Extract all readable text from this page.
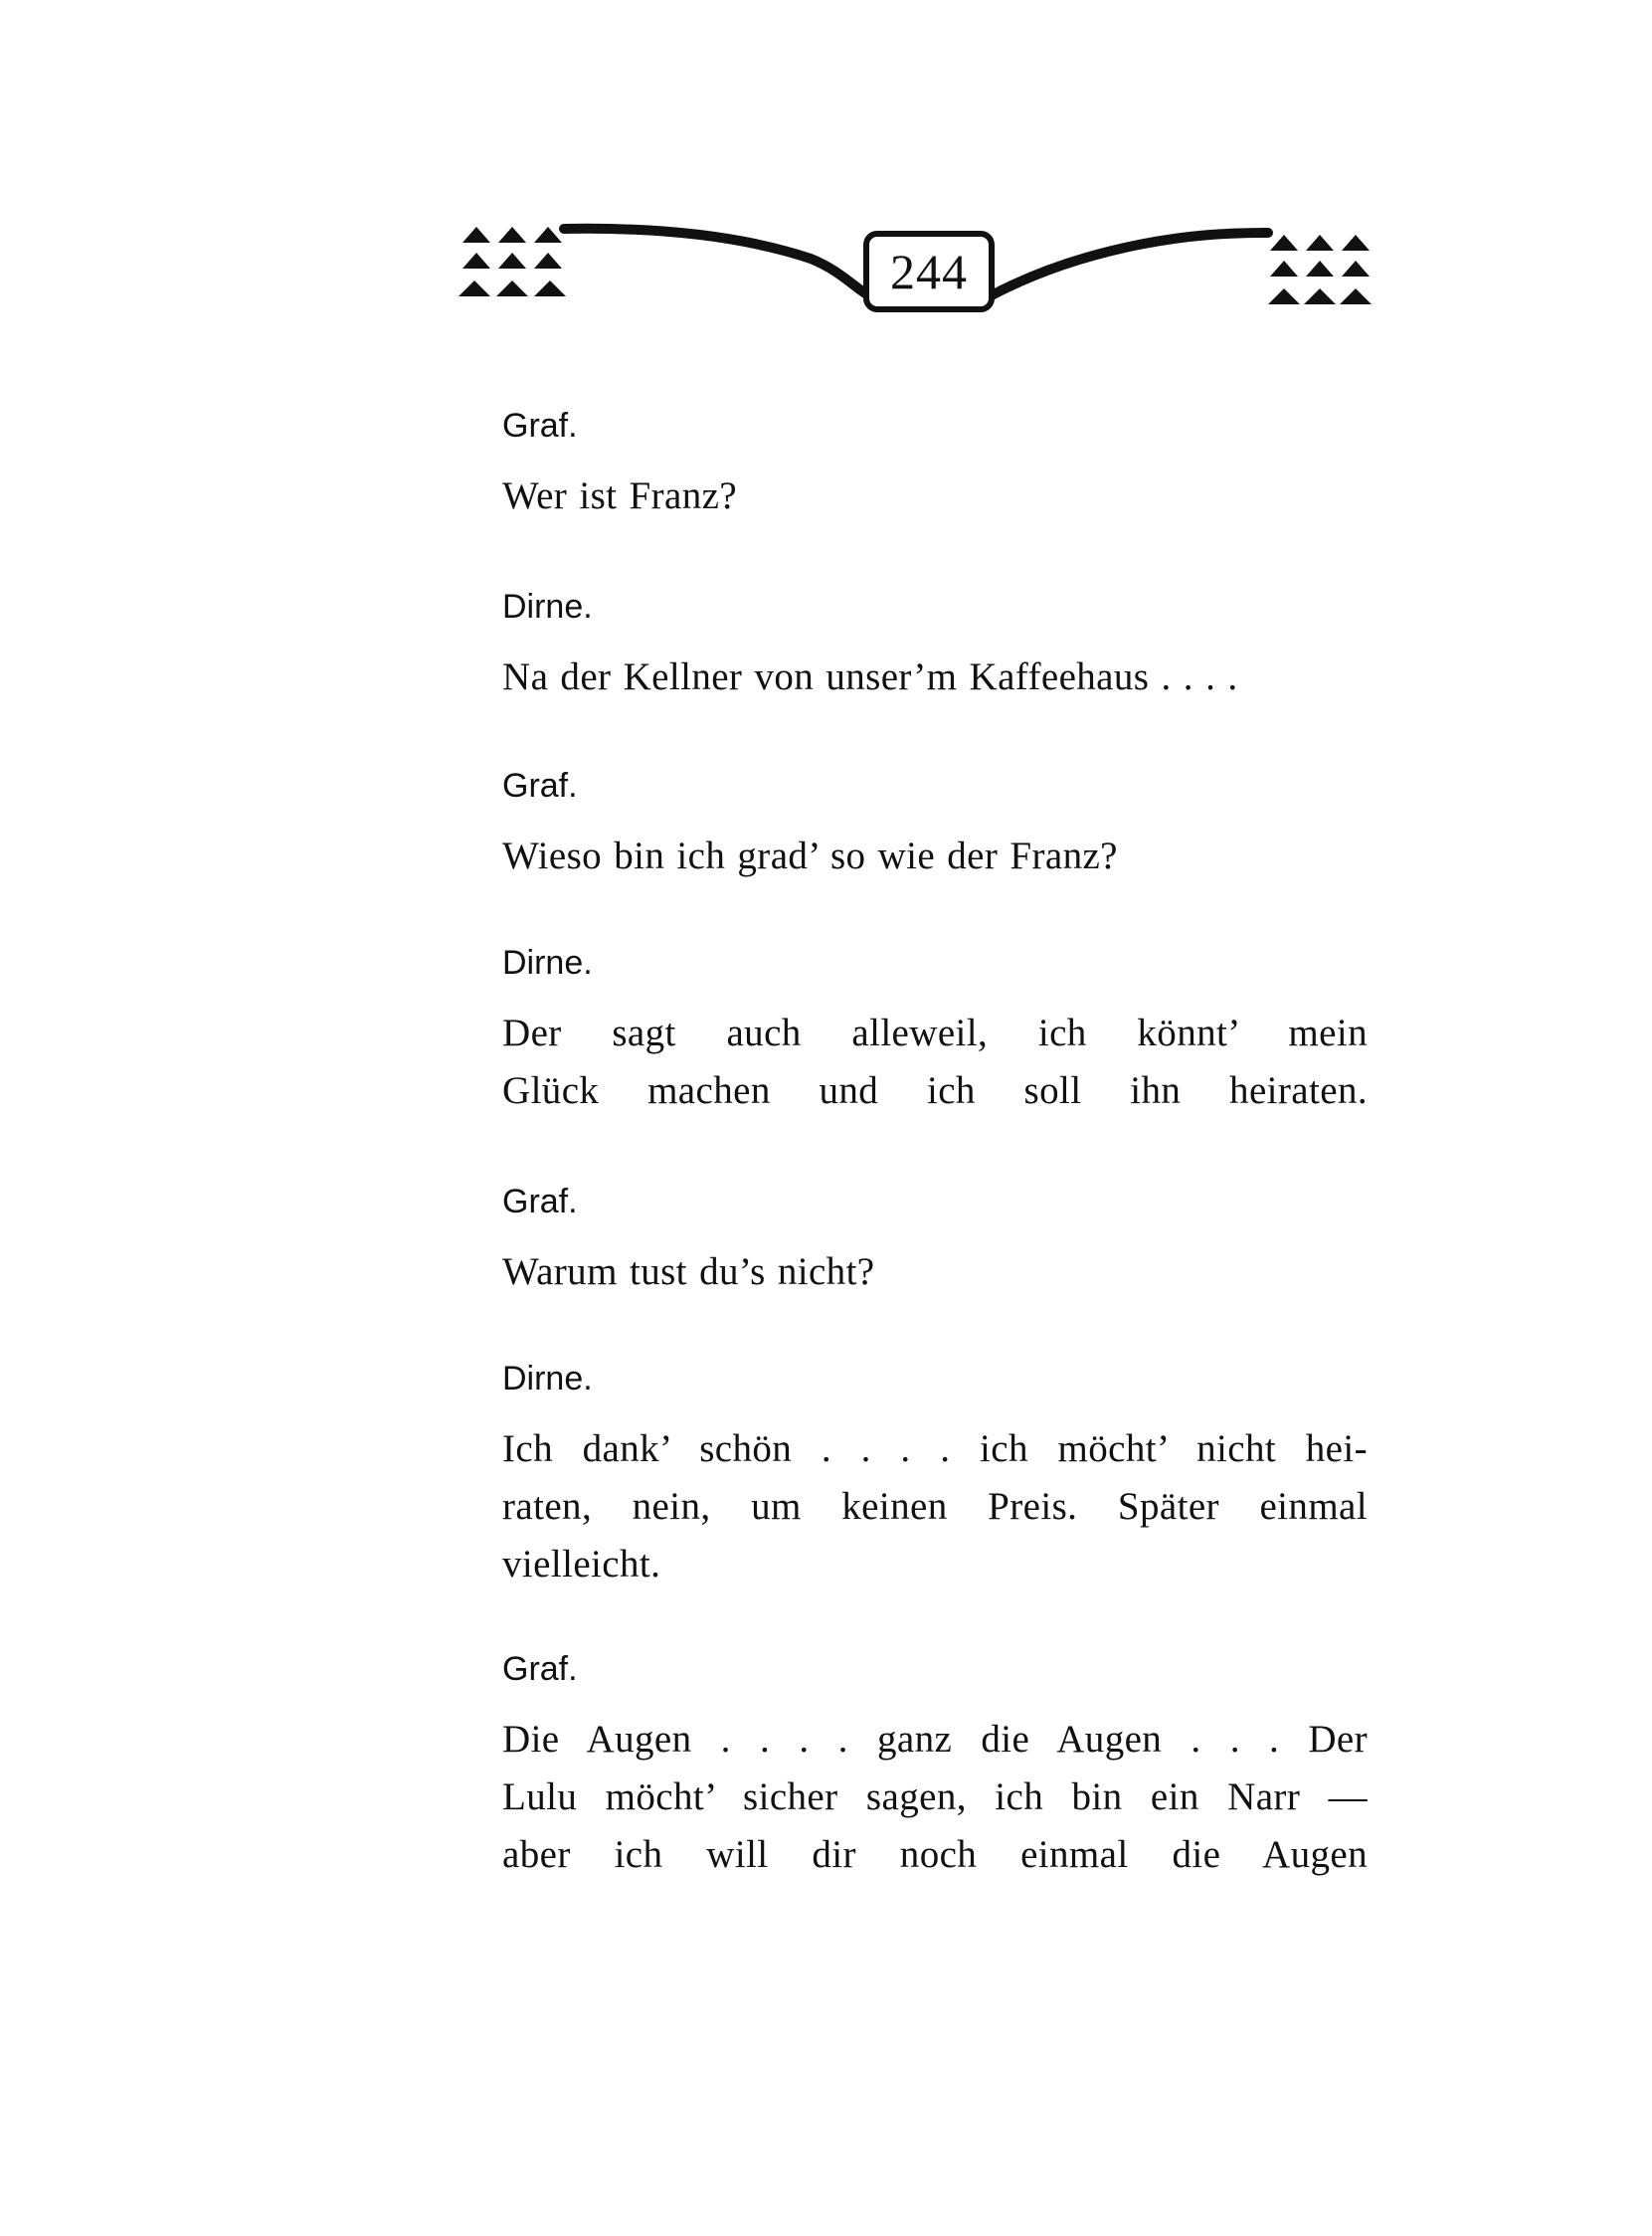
244
Graf.

Wer ist Franz?

Dirne.

Na der Kellner von unser’m Kaffeehaus . . . .

Graf.

Wieso bin ich grad’ so wie der Franz?

Dirne.

Der sagt auch alleweil, ich könnt’ mein
Glück machen und ich soll ihn heiraten.

Graf.

Warum tust du’s nicht?

Dirne.

Ich dank’ schön . . . . ich möcht’ nicht hei-
raten, nein, um keinen Preis. Später einmal
vielleicht.

Graf.

Die Augen . . . . ganz die Augen . . . Der
Lulu möcht’ sicher sagen, ich bin ein Narr —
aber ich will dir noch einmal die Augen
